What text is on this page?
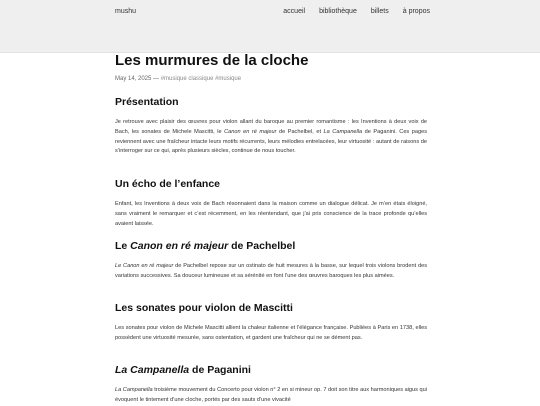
mushu	accueil bibliothèque billets à propos
Les murmures de la cloche
May 14, 2025 — #musique classique #musique
Présentation

Je retrouve avec plaisir des œuvres pour violon allant du baroque au premier romantisme : les Inventions à deux voix de Bach, les sonates de Michele Mascitti, le Canon en ré majeur de Pachelbel, et La Campanella de Paganini. Ces pages reviennent avec une fraîcheur intacte leurs motifs récurrents, leurs mélodies entrelacées, leur virtuosité : autant de raisons de s’interroger sur ce qui, après plusieurs siècles, continue de nous toucher.

Un écho de l’enfance

Enfant, les Inventions à deux voix de Bach résonnaient dans la maison comme un dialogue délicat. Je m’en étais éloigné, sans vraiment le remarquer et c’est récemment, en les réentendant, que j’ai pris conscience de la trace profonde qu’elles avaient laissée.

Le Canon en ré majeur de Pachelbel

Le Canon en ré majeur de Pachelbel repose sur un ostinato de huit mesures à la basse, sur lequel trois violons brodent des variations successives. Sa douceur lumineuse et sa sérénité en font l’une des œuvres baroques les plus aimées.

Les sonates pour violon de Mascitti

Les sonates pour violon de Michele Mascitti allient la chaleur italienne et l’élégance française. Publiées à Paris en 1738, elles possèdent une virtuosité mesurée, sans ostentation, et gardent une fraîcheur qui ne se dément pas.

La Campanella de Paganini

La Campanella troisième mouvement du Concerto pour violon n° 2 en si mineur op. 7 doit son titre aux harmoniques aigus qui évoquent le tintement d’une cloche, portés par des sauts d’une vivacité
